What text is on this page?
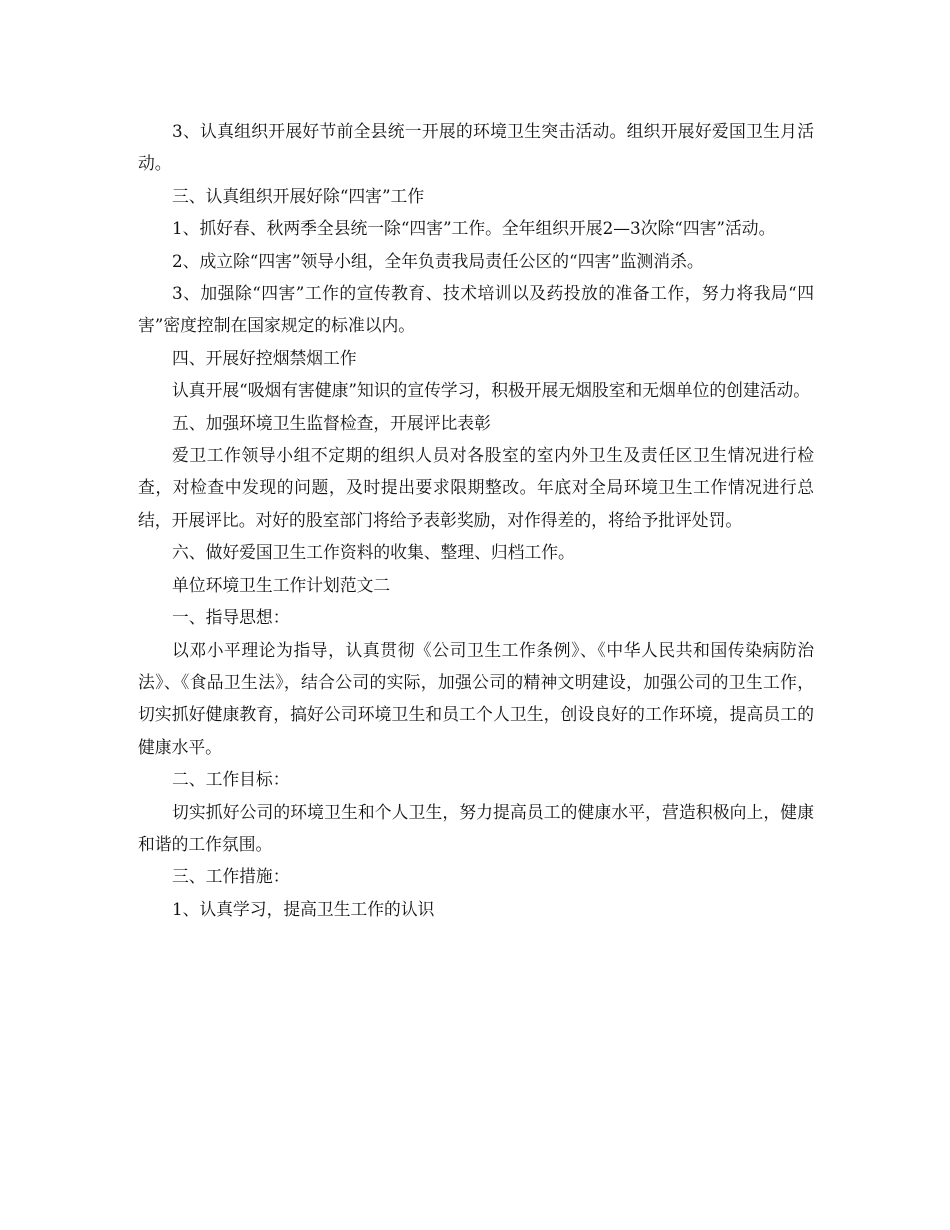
3、认真组织开展好节前全县统一开展的环境卫生突击活动。组织开展好爱国卫生月活动。

三、认真组织开展好除“四害”工作

1、抓好春、秋两季全县统一除“四害”工作。全年组织开展2—3次除“四害”活动。

2、成立除“四害”领导小组，全年负责我局责任公区的“四害”监测消杀。

3、加强除“四害”工作的宣传教育、技术培训以及药投放的准备工作，努力将我局“四害”密度控制在国家规定的标准以内。

四、开展好控烟禁烟工作

认真开展“吸烟有害健康”知识的宣传学习，积极开展无烟股室和无烟单位的创建活动。

五、加强环境卫生监督检查，开展评比表彰

爱卫工作领导小组不定期的组织人员对各股室的室内外卫生及责任区卫生情况进行检查，对检查中发现的问题，及时提出要求限期整改。年底对全局环境卫生工作情况进行总结，开展评比。对好的股室部门将给予表彰奖励，对作得差的，将给予批评处罚。

六、做好爱国卫生工作资料的收集、整理、归档工作。

单位环境卫生工作计划范文二

一、指导思想：

以邓小平理论为指导，认真贯彻《公司卫生工作条例》、《中华人民共和国传染病防治法》、《食品卫生法》，结合公司的实际，加强公司的精神文明建设，加强公司的卫生工作，切实抓好健康教育，搞好公司环境卫生和员工个人卫生，创设良好的工作环境，提高员工的健康水平。

二、工作目标：

切实抓好公司的环境卫生和个人卫生，努力提高员工的健康水平，营造积极向上，健康和谐的工作氛围。

三、工作措施：

1、认真学习，提高卫生工作的认识
